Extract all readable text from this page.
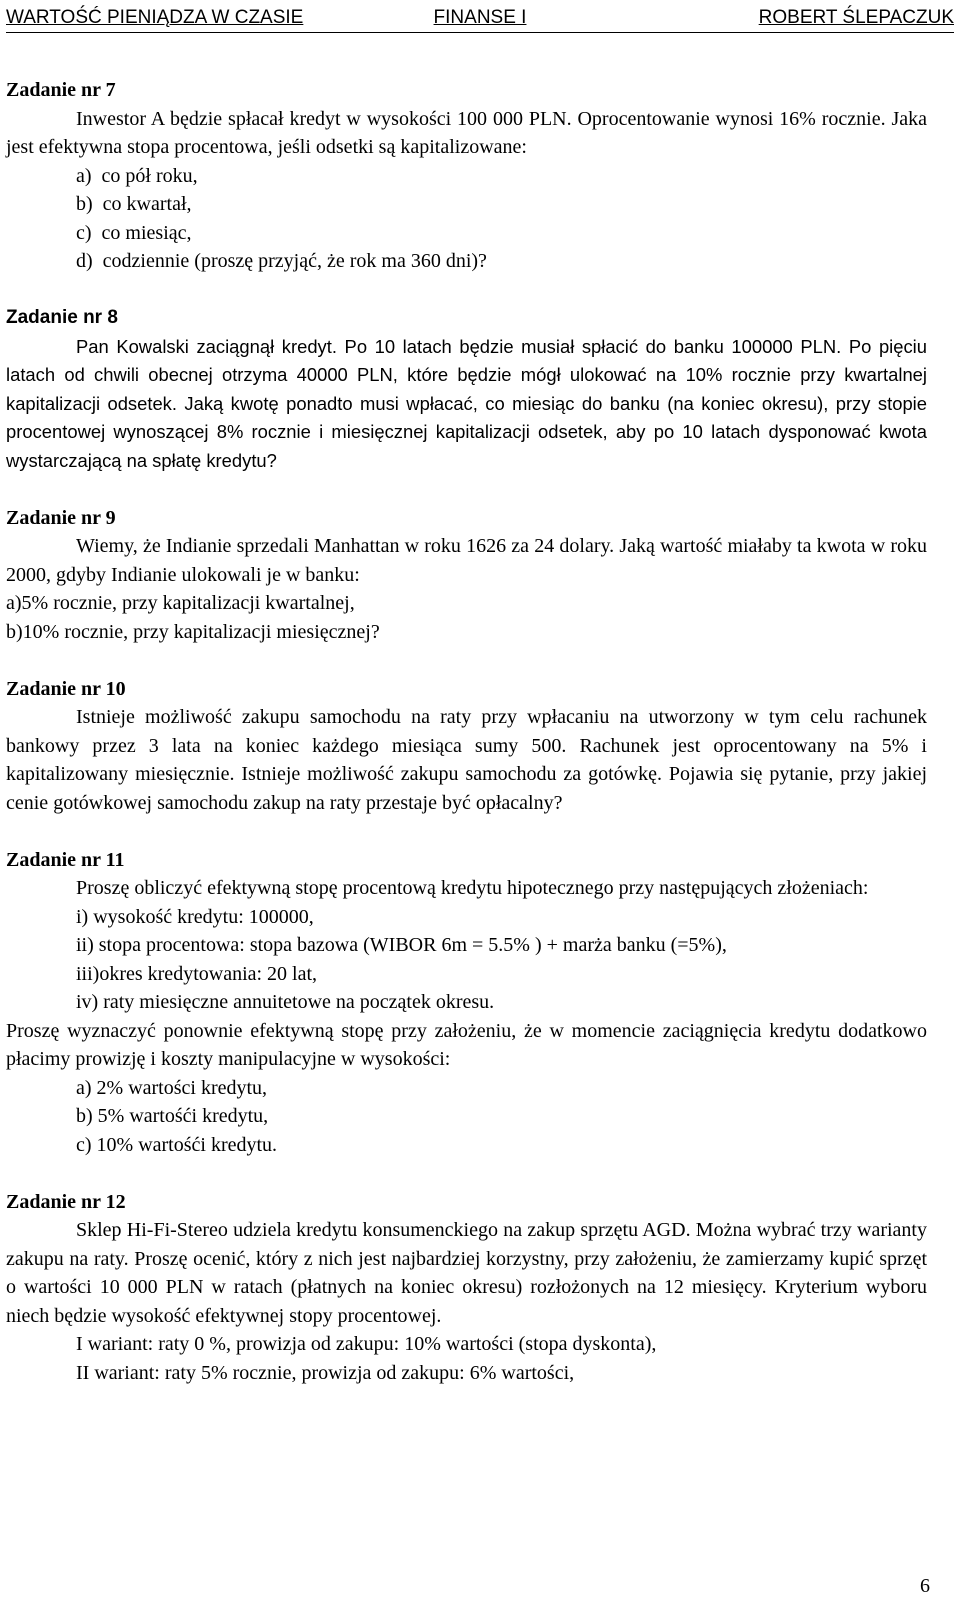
WARTOŚĆ PIENIĄDZA W CZASIE	FINANSE I	ROBERT ŚLEPACZUK
Zadanie nr 7

Inwestor A będzie spłacał kredyt w wysokości 100 000 PLN. Oprocentowanie wynosi 16% rocznie. Jaka jest efektywna stopa procentowa, jeśli odsetki są kapitalizowane:

a)  co pół roku,
b)  co kwartał,
c)  co miesiąc,
d)  codziennie (proszę przyjąć, że rok ma 360 dni)?
Zadanie nr 8

Pan Kowalski zaciągnął kredyt. Po 10 latach będzie musiał spłacić do banku 100000 PLN. Po pięciu latach od chwili obecnej otrzyma 40000 PLN, które będzie mógł ulokować na 10% rocznie przy kwartalnej kapitalizacji odsetek. Jaką kwotę ponadto musi wpłacać, co miesiąc do banku (na koniec okresu), przy stopie procentowej wynoszącej 8% rocznie i miesięcznej kapitalizacji odsetek, aby po 10 latach dysponować kwota wystarczającą na spłatę kredytu?

Zadanie nr 9

Wiemy, że Indianie sprzedali Manhattan w roku 1626 za 24 dolary. Jaką wartość miałaby ta kwota w roku 2000, gdyby Indianie ulokowali je w banku:

a)5% rocznie, przy kapitalizacji kwartalnej,
b)10% rocznie, przy kapitalizacji miesięcznej?
Zadanie nr 10

Istnieje możliwość zakupu samochodu na raty przy wpłacaniu na utworzony w tym celu rachunek bankowy przez 3 lata na koniec każdego miesiąca sumy 500. Rachunek jest oprocentowany na 5% i kapitalizowany miesięcznie. Istnieje możliwość zakupu samochodu za gotówkę. Pojawia się pytanie, przy jakiej cenie gotówkowej samochodu zakup na raty przestaje być opłacalny?

Zadanie nr 11

Proszę obliczyć efektywną stopę procentową kredytu hipotecznego przy następujących złożeniach:

i) wysokość kredytu: 100000,
ii) stopa procentowa: stopa bazowa (WIBOR 6m = 5.5% ) + marża banku (=5%),
iii)okres kredytowania: 20 lat,
iv) raty miesięczne annuitetowe na początek okresu.

Proszę wyznaczyć ponownie efektywną stopę przy założeniu, że w momencie zaciągnięcia kredytu dodatkowo płacimy prowizję i koszty manipulacyjne w wysokości:

a) 2% wartości kredytu,
b) 5% wartośći kredytu,
c) 10% wartośći kredytu.
Zadanie nr 12

Sklep Hi-Fi-Stereo udziela kredytu konsumenckiego na zakup sprzętu AGD. Można wybrać trzy warianty zakupu na raty. Proszę ocenić, który z nich jest najbardziej korzystny, przy założeniu, że zamierzamy kupić sprzęt o wartości 10 000 PLN w ratach (płatnych na koniec okresu) rozłożonych na 12 miesięcy. Kryterium wyboru niech będzie wysokość efektywnej stopy procentowej.

I wariant: raty 0 %, prowizja od zakupu: 10% wartości (stopa dyskonta),
II wariant: raty 5% rocznie, prowizja od zakupu: 6% wartości,
6
